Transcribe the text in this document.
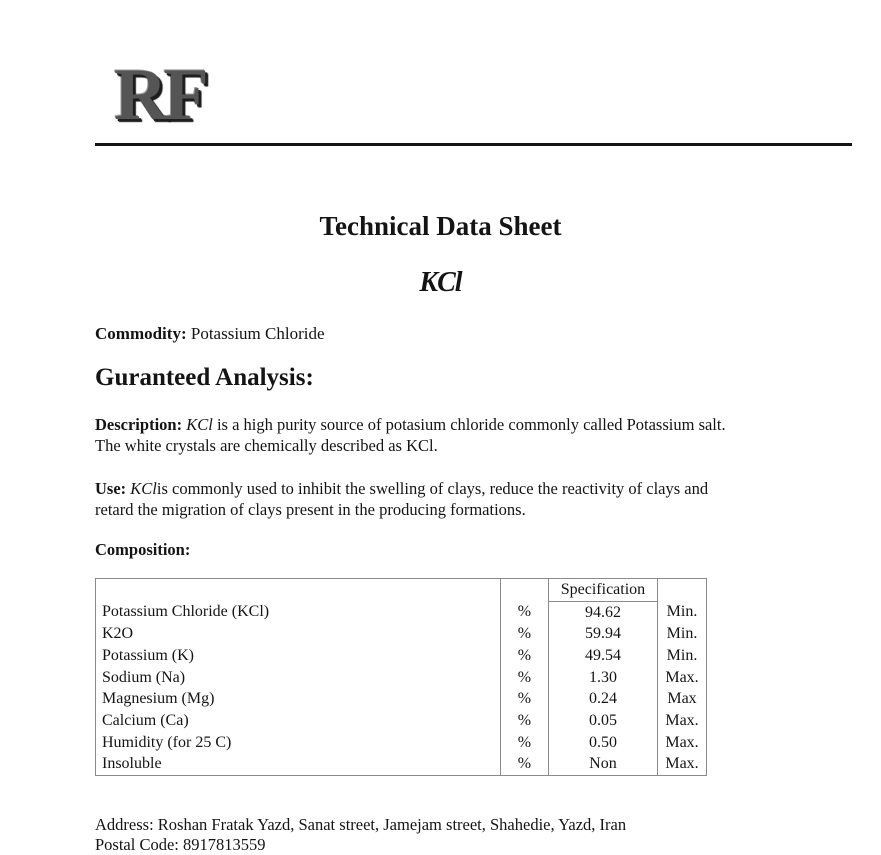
RF
Technical Data Sheet
KCl
Commodity: Potassium Chloride
Guranteed Analysis:
Description: KCl is a high purity source of potasium chloride commonly called Potassium salt.
The white crystals are chemically described as KCl.
Use: KClis commonly used to inhibit the swelling of clays, reduce the reactivity of clays and
retard the migration of clays present in the producing formations.
Composition:
		Specification	
Potassium Chloride (KCl)	%	94.62	Min.
K2O	%	59.94	Min.
Potassium (K)	%	49.54	Min.
Sodium (Na)	%	1.30	Max.
Magnesium (Mg)	%	0.24	Max
Calcium (Ca)	%	0.05	Max.
Humidity (for 25 C)	%	0.50	Max.
Insoluble	%	Non	Max.
Address: Roshan Fratak Yazd, Sanat street, Jamejam street, Shahedie, Yazd, Iran
Postal Code: 8917813559
